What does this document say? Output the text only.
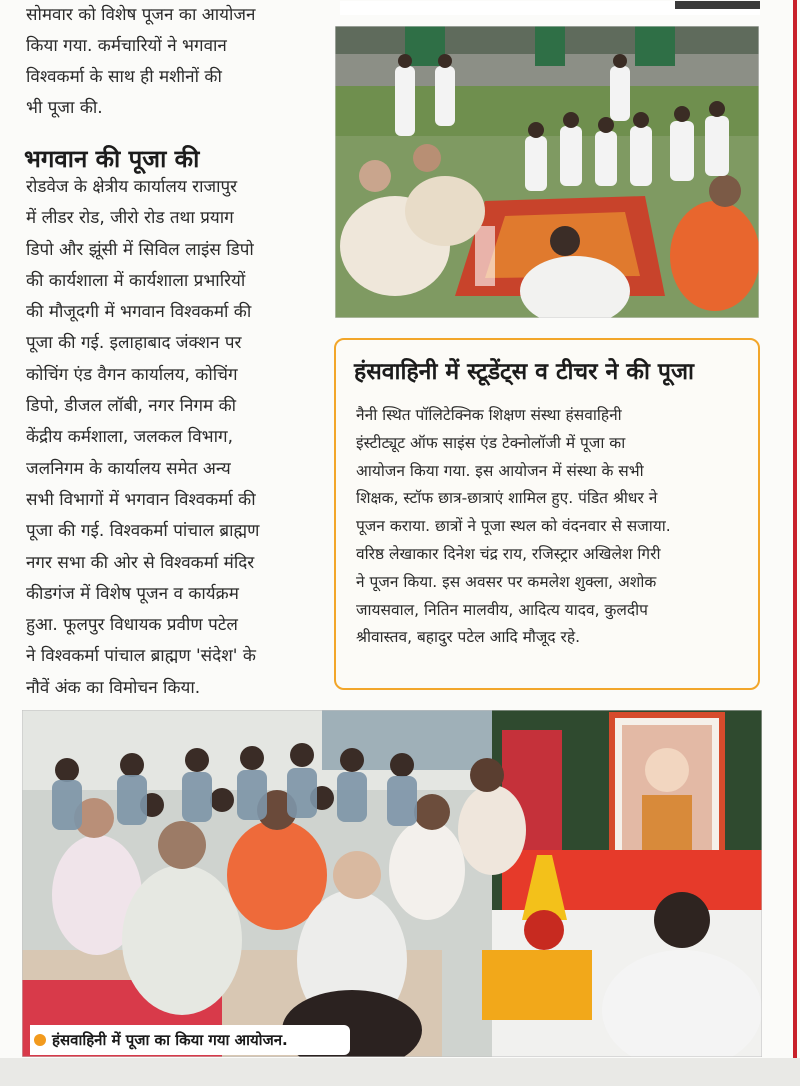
सोमवार को विशेष पूजन का आयोजन

किया गया. कर्मचारियों ने भगवान

विश्वकर्मा के साथ ही मशीनों की

भी पूजा की.

भगवान की पूजा की

रोडवेज के क्षेत्रीय कार्यालय राजापुर

में लीडर रोड, जीरो रोड तथा प्रयाग

डिपो और झूंसी में सिविल लाइंस डिपो

की कार्यशाला में कार्यशाला प्रभारियों

की मौजूदगी में भगवान विश्वकर्मा की

पूजा की गई. इलाहाबाद जंक्शन पर

कोचिंग एंड वैगन कार्यालय, कोचिंग

डिपो, डीजल लॉबी, नगर निगम की

केंद्रीय कर्मशाला, जलकल विभाग,

जलनिगम के कार्यालय समेत अन्य

सभी विभागों में भगवान विश्वकर्मा की

पूजा की गई. विश्वकर्मा पांचाल ब्राह्मण

नगर सभा की ओर से विश्वकर्मा मंदिर

कीडगंज में विशेष पूजन व कार्यक्रम

हुआ. फूलपुर विधायक प्रवीण पटेल

ने विश्वकर्मा पांचाल ब्राह्मण 'संदेश' के

नौवें अंक का विमोचन किया.

हंसवाहिनी में स्टूडेंट्स व टीचर ने की पूजा
नैनी स्थित पॉलिटेक्निक शिक्षण संस्था हंसवाहिनी
इंस्टीट्यूट ऑफ साइंस एंड टेक्नोलॉजी में पूजा का
आयोजन किया गया. इस आयोजन में संस्था के सभी
शिक्षक, स्टॉफ छात्र-छात्राएं शामिल हुए. पंडित श्रीधर ने
पूजन कराया. छात्रों ने पूजा स्थल को वंदनवार से सजाया.
वरिष्ठ लेखाकार दिनेश चंद्र राय, रजिस्ट्रार अखिलेश गिरी
ने पूजन किया. इस अवसर पर कमलेश शुक्ला, अशोक
जायसवाल, नितिन मालवीय, आदित्य यादव, कुलदीप
श्रीवास्तव, बहादुर पटेल आदि मौजूद रहे.
हंसवाहिनी में पूजा का किया गया आयोजन.
